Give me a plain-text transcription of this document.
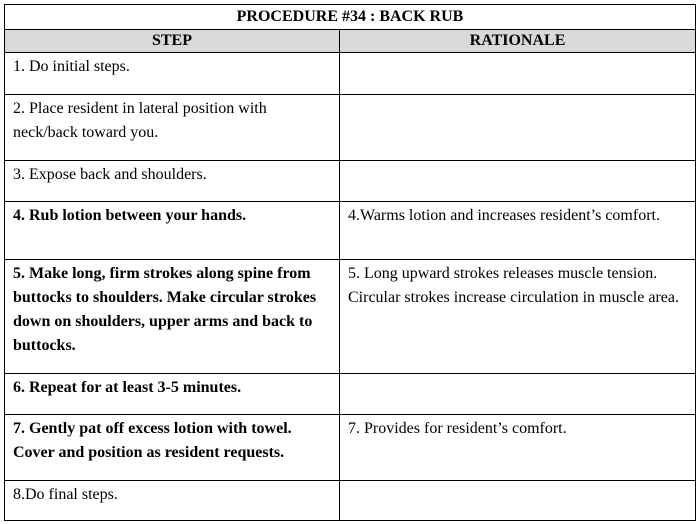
PROCEDURE #34 : BACK RUB	
STEP	RATIONALE
1. Do initial steps.	
2. Place resident in lateral position with neck/back toward you.	
3. Expose back and shoulders.	
4. Rub lotion between your hands.	4.Warms lotion and increases resident’s comfort.
5. Make long, firm strokes along spine from buttocks to shoulders. Make circular strokes down on shoulders, upper arms and back to buttocks.	5. Long upward strokes releases muscle tension. Circular strokes increase circulation in muscle area.
6. Repeat for at least 3-5 minutes.	
7. Gently pat off excess lotion with towel. Cover and position as resident requests.	7. Provides for resident’s comfort.
8.Do final steps.	
